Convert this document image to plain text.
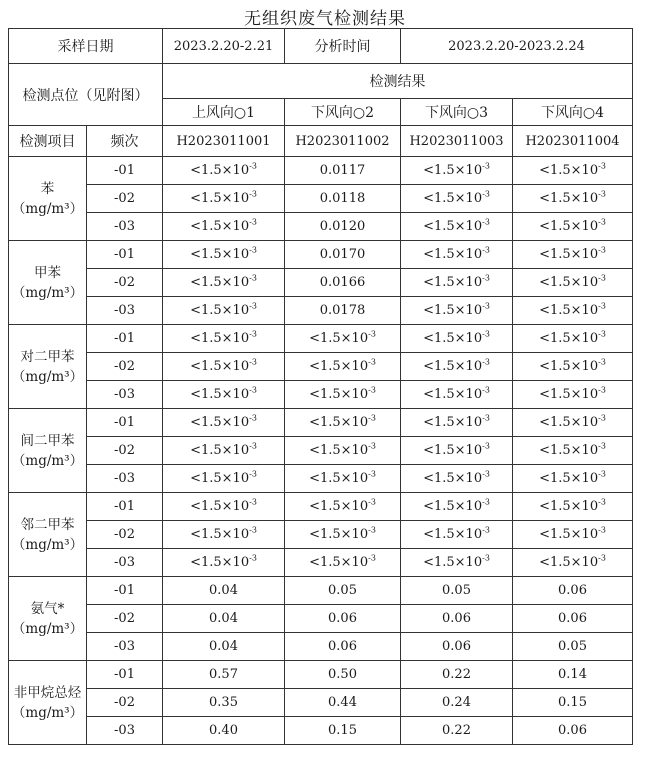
无组织废气检测结果
采样日期		2023.2.20-2.21	分析时间	2023.2.20-2023.2.24	
检测点位（见附图）		检测结果			
		上风向○1	下风向○2	下风向○3	下风向○4
检测项目	频次	H2023011001	H2023011002	H2023011003	H2023011004

苯
（mg/m³）	-01	$<1.5\times 10^{-3}$	0.0117	$<1.5\times 10^{-3}$	$<1.5\times 10^{-3}$
	-02	$<1.5\times 10^{-3}$	0.0118	$<1.5\times 10^{-3}$	$<1.5\times 10^{-3}$
	-03	$<1.5\times 10^{-3}$	0.0120	$<1.5\times 10^{-3}$	$<1.5\times 10^{-3}$

甲苯
（mg/m³）	-01	$<1.5\times 10^{-3}$	0.0170	$<1.5\times 10^{-3}$	$<1.5\times 10^{-3}$
	-02	$<1.5\times 10^{-3}$	0.0166	$<1.5\times 10^{-3}$	$<1.5\times 10^{-3}$
	-03	$<1.5\times 10^{-3}$	0.0178	$<1.5\times 10^{-3}$	$<1.5\times 10^{-3}$

对二甲苯
（mg/m³）	-01	$<1.5\times 10^{-3}$	$<1.5\times 10^{-3}$	$<1.5\times 10^{-3}$	$<1.5\times 10^{-3}$
	-02	$<1.5\times 10^{-3}$	$<1.5\times 10^{-3}$	$<1.5\times 10^{-3}$	$<1.5\times 10^{-3}$
	-03	$<1.5\times 10^{-3}$	$<1.5\times 10^{-3}$	$<1.5\times 10^{-3}$	$<1.5\times 10^{-3}$

间二甲苯
（mg/m³）	-01	$<1.5\times 10^{-3}$	$<1.5\times 10^{-3}$	$<1.5\times 10^{-3}$	$<1.5\times 10^{-3}$
	-02	$<1.5\times 10^{-3}$	$<1.5\times 10^{-3}$	$<1.5\times 10^{-3}$	$<1.5\times 10^{-3}$
	-03	$<1.5\times 10^{-3}$	$<1.5\times 10^{-3}$	$<1.5\times 10^{-3}$	$<1.5\times 10^{-3}$

邻二甲苯
（mg/m³）	-01	$<1.5\times 10^{-3}$	$<1.5\times 10^{-3}$	$<1.5\times 10^{-3}$	$<1.5\times 10^{-3}$
	-02	$<1.5\times 10^{-3}$	$<1.5\times 10^{-3}$	$<1.5\times 10^{-3}$	$<1.5\times 10^{-3}$
	-03	$<1.5\times 10^{-3}$	$<1.5\times 10^{-3}$	$<1.5\times 10^{-3}$	$<1.5\times 10^{-3}$

氨气*
（mg/m³）	-01	0.04	0.05	0.05	0.06
	-02	0.04	0.06	0.06	0.06
	-03	0.04	0.06	0.06	0.05

非甲烷总烃
（mg/m³）	-01	0.57	0.50	0.22	0.14
	-02	0.35	0.44	0.24	0.15
	-03	0.40	0.15	0.22	0.06
